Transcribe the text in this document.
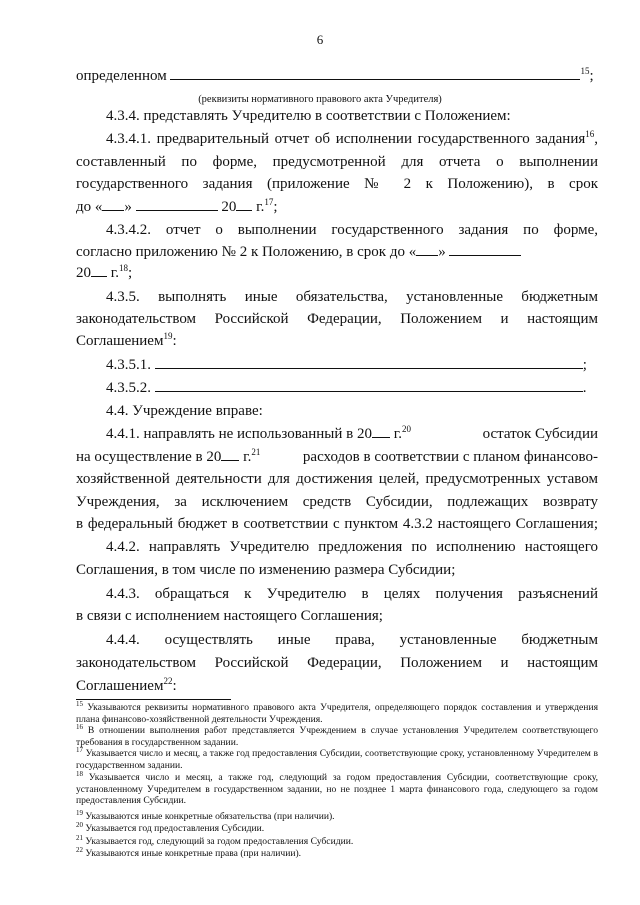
6
определенном	$^{15}$;
(реквизиты нормативного правового акта Учредителя)
4.3.4. представлять Учредителю в соответствии с Положением:
4.3.4.1. предварительный отчет об исполнении государственного задания$^{16}$,
составленный по форме, предусмотренной для отчета о выполнении
государственного задания (приложение № 2 к Положению), в срок
до « »	20 г.$^{17}$;
4.3.4.2. отчет о выполнении государственного задания по форме,
согласно приложению № 2 к Положению, в срок до « »
20 г.$^{18}$;
4.3.5. выполнять иные обязательства, установленные бюджетным
законодательством Российской Федерации, Положением и настоящим
Соглашением$^{19}$:
4.3.5.1.	;
4.3.5.2.	.
4.4. Учреждение вправе:
4.4.1. направлять не использованный в 20 г.$^{20}$	остаток Субсидии
на осуществление в 20 г.$^{21}$	расходов в соответствии с планом финансово-
хозяйственной деятельности для достижения целей, предусмотренных уставом
Учреждения, за исключением средств Субсидии, подлежащих возврату
в федеральный бюджет в соответствии с пунктом 4.3.2 настоящего Соглашения;
4.4.2. направлять Учредителю предложения по исполнению настоящего
Соглашения, в том числе по изменению размера Субсидии;
4.4.3. обращаться к Учредителю в целях получения разъяснений
в связи с исполнением настоящего Соглашения;
4.4.4. осуществлять иные права, установленные бюджетным
законодательством Российской Федерации, Положением и настоящим
Соглашением$^{22}$:
$^{15}$ Указываются реквизиты нормативного правового акта Учредителя, определяющего порядок составления и утверждения плана финансово-хозяйственной деятельности Учреждения.
$^{16}$ В отношении выполнения работ представляется Учреждением в случае установления Учредителем соответствующего требования в государственном задании.
$^{17}$ Указывается число и месяц, а также год предоставления Субсидии, соответствующие сроку, установленному Учредителем в государственном задании.
$^{18}$ Указывается число и месяц, а также год, следующий за годом предоставления Субсидии, соответствующие сроку, установленному Учредителем в государственном задании, но не позднее 1 марта финансового года, следующего за годом предоставления Субсидии.
$^{19}$ Указываются иные конкретные обязательства (при наличии).
$^{20}$ Указывается год предоставления Субсидии.
$^{21}$ Указывается год, следующий за годом предоставления Субсидии.
$^{22}$ Указываются иные конкретные права (при наличии).
